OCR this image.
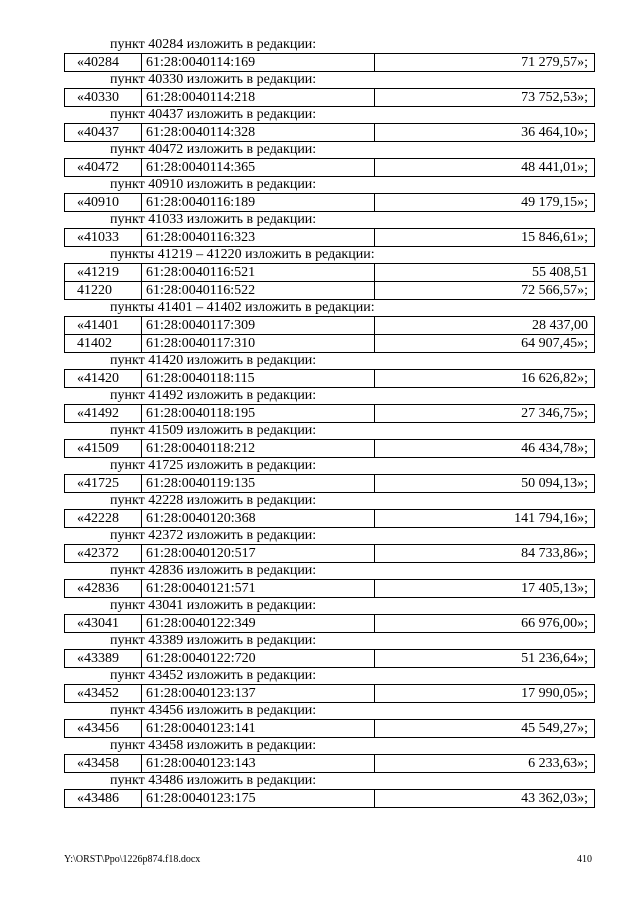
пункт 40284 изложить в редакции:
«40284	61:28:0040114:169	71 279,57»;
пункт 40330 изложить в редакции:
«40330	61:28:0040114:218	73 752,53»;
пункт 40437 изложить в редакции:
«40437	61:28:0040114:328	36 464,10»;
пункт 40472 изложить в редакции:
«40472	61:28:0040114:365	48 441,01»;
пункт 40910 изложить в редакции:
«40910	61:28:0040116:189	49 179,15»;
пункт 41033 изложить в редакции:
«41033	61:28:0040116:323	15 846,61»;
пункты 41219 – 41220 изложить в редакции:
«41219	61:28:0040116:521	55 408,51
41220	61:28:0040116:522	72 566,57»;
пункты 41401 – 41402 изложить в редакции:
«41401	61:28:0040117:309	28 437,00
41402	61:28:0040117:310	64 907,45»;
пункт 41420 изложить в редакции:
«41420	61:28:0040118:115	16 626,82»;
пункт 41492 изложить в редакции:
«41492	61:28:0040118:195	27 346,75»;
пункт 41509 изложить в редакции:
«41509	61:28:0040118:212	46 434,78»;
пункт 41725 изложить в редакции:
«41725	61:28:0040119:135	50 094,13»;
пункт 42228 изложить в редакции:
«42228	61:28:0040120:368	141 794,16»;
пункт 42372 изложить в редакции:
«42372	61:28:0040120:517	84 733,86»;
пункт 42836 изложить в редакции:
«42836	61:28:0040121:571	17 405,13»;
пункт 43041 изложить в редакции:
«43041	61:28:0040122:349	66 976,00»;
пункт 43389 изложить в редакции:
«43389	61:28:0040122:720	51 236,64»;
пункт 43452 изложить в редакции:
«43452	61:28:0040123:137	17 990,05»;
пункт 43456 изложить в редакции:
«43456	61:28:0040123:141	45 549,27»;
пункт 43458 изложить в редакции:
«43458	61:28:0040123:143	6 233,63»;
пункт 43486 изложить в редакции:
«43486	61:28:0040123:175	43 362,03»;
Y:\ORST\Ppo\1226p874.f18.docx	410
